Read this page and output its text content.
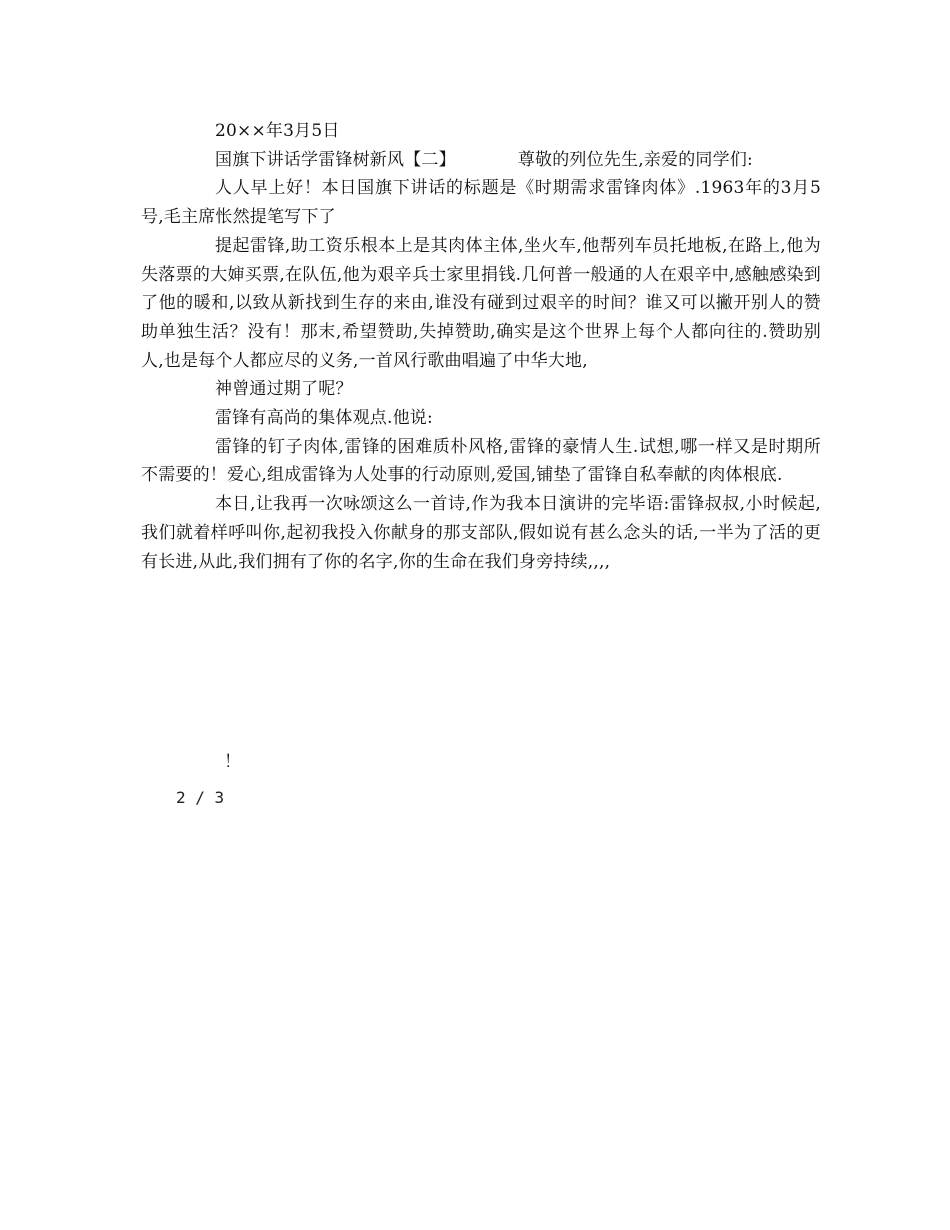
20××年3月5日

国旗下讲话学雷锋树新风【二】	尊敬的列位先生,亲爱的同学们:

人人早上好！本日国旗下讲话的标题是《时期需求雷锋肉体》.1963年的3月5号,毛主席怅然提笔写下了

提起雷锋,助工资乐根本上是其肉体主体,坐火车,他帮列车员托地板,在路上,他为失落票的大婶买票,在队伍,他为艰辛兵士家里捐钱.几何普一般通的人在艰辛中,感触感染到了他的暖和,以致从新找到生存的来由,谁没有碰到过艰辛的时间？谁又可以撇开别人的赞助单独生活？没有！那末,希望赞助,失掉赞助,确实是这个世界上每个人都向往的.赞助别人,也是每个人都应尽的义务,一首风行歌曲唱遍了中华大地,

神曾通过期了呢？

雷锋有高尚的集体观点.他说:

雷锋的钉子肉体,雷锋的困难质朴风格,雷锋的豪情人生.试想,哪一样又是时期所不需要的！爱心,组成雷锋为人处事的行动原则,爱国,铺垫了雷锋自私奉献的肉体根底.

本日,让我再一次咏颂这么一首诗,作为我本日演讲的完毕语:雷锋叔叔,小时候起,我们就着样呼叫你,起初我投入你献身的那支部队,假如说有甚么念头的话,一半为了活的更有长进,从此,我们拥有了你的名字,你的生命在我们身旁持续,,,,

！
2 / 3
